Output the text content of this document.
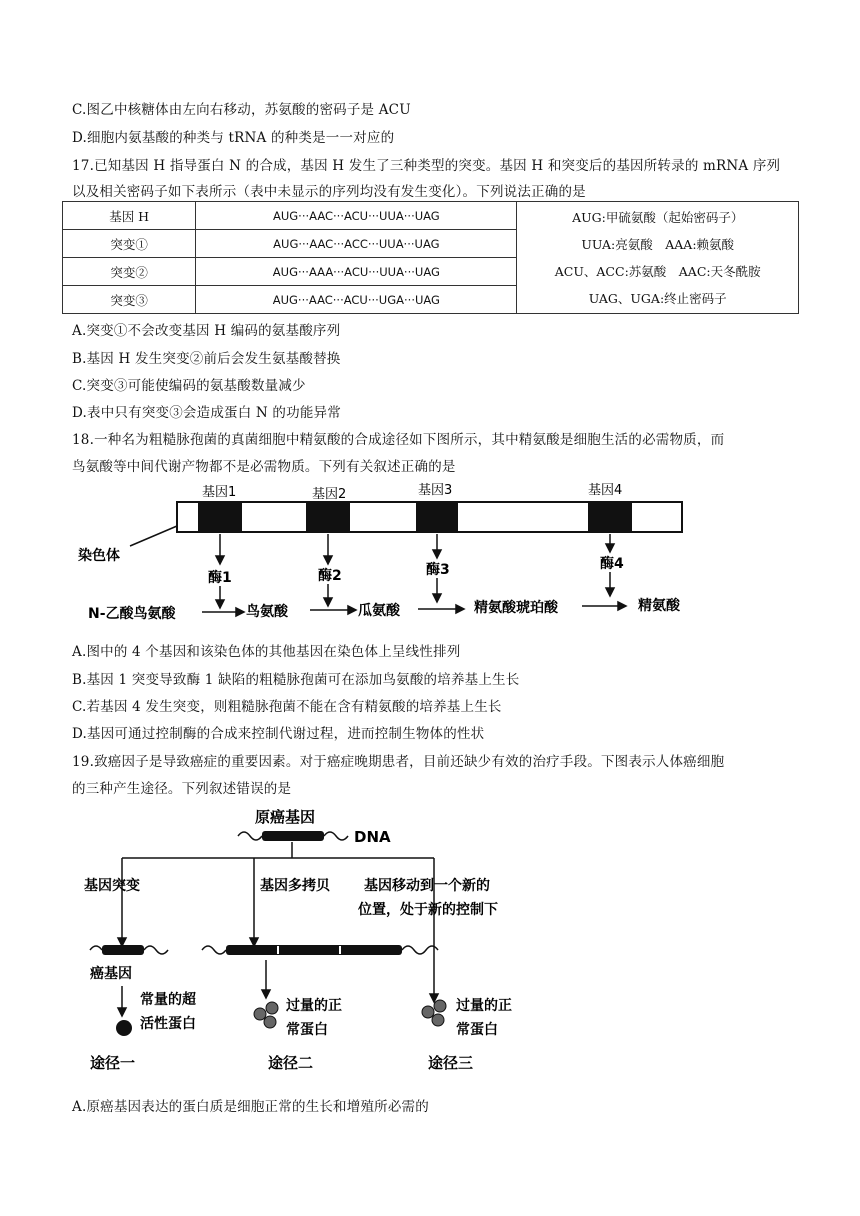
C.图乙中核糖体由左向右移动，苏氨酸的密码子是 ACU
D.细胞内氨基酸的种类与 tRNA 的种类是一一对应的
17.已知基因 H 指导蛋白 N 的合成，基因 H 发生了三种类型的突变。基因 H 和突变后的基因所转录的 mRNA 序列
以及相关密码子如下表所示（表中未显示的序列均没有发生变化）。下列说法正确的是
基因 H	AUG···AAC···ACU···UUA···UAG	AUG:甲硫氨酸（起始密码子）
UUA:亮氨酸　AAA:赖氨酸
ACU、ACC:苏氨酸　AAC:天冬酰胺
UAG、UGA:终止密码子

突变①	AUG···AAC···ACC···UUA···UAG	
突变②	AUG···AAA···ACU···UUA···UAG	
突变③	AUG···AAC···ACU···UGA···UAG	
A.突变①不会改变基因 H 编码的氨基酸序列
B.基因 H 发生突变②前后会发生氨基酸替换
C.突变③可能使编码的氨基酸数量减少
D.表中只有突变③会造成蛋白 N 的功能异常
18.一种名为粗糙脉孢菌的真菌细胞中精氨酸的合成途径如下图所示，其中精氨酸是细胞生活的必需物质，而
鸟氨酸等中间代谢产物都不是必需物质。下列有关叙述正确的是
基因1	基因2	基因3	基因4
染色体
酶1	酶2	酶3	酶4
N-乙酸鸟氨酸	鸟氨酸	瓜氨酸	精氨酸琥珀酸	精氨酸
A.图中的 4 个基因和该染色体的其他基因在染色体上呈线性排列
B.基因 1 突变导致酶 1 缺陷的粗糙脉孢菌可在添加鸟氨酸的培养基上生长
C.若基因 4 发生突变，则粗糙脉孢菌不能在含有精氨酸的培养基上生长
D.基因可通过控制酶的合成来控制代谢过程，进而控制生物体的性状
19.致癌因子是导致癌症的重要因素。对于癌症晚期患者，目前还缺少有效的治疗手段。下图表示人体癌细胞
的三种产生途径。下列叙述错误的是
原癌基因
DNA
基因突变	基因多拷贝 基因移动到一个新的
位置，处于新的控制下
癌基因
常量的超
活性蛋白
过量的正
常蛋白
过量的正
常蛋白
途径一	途径二	途径三
A.原癌基因表达的蛋白质是细胞正常的生长和增殖所必需的
